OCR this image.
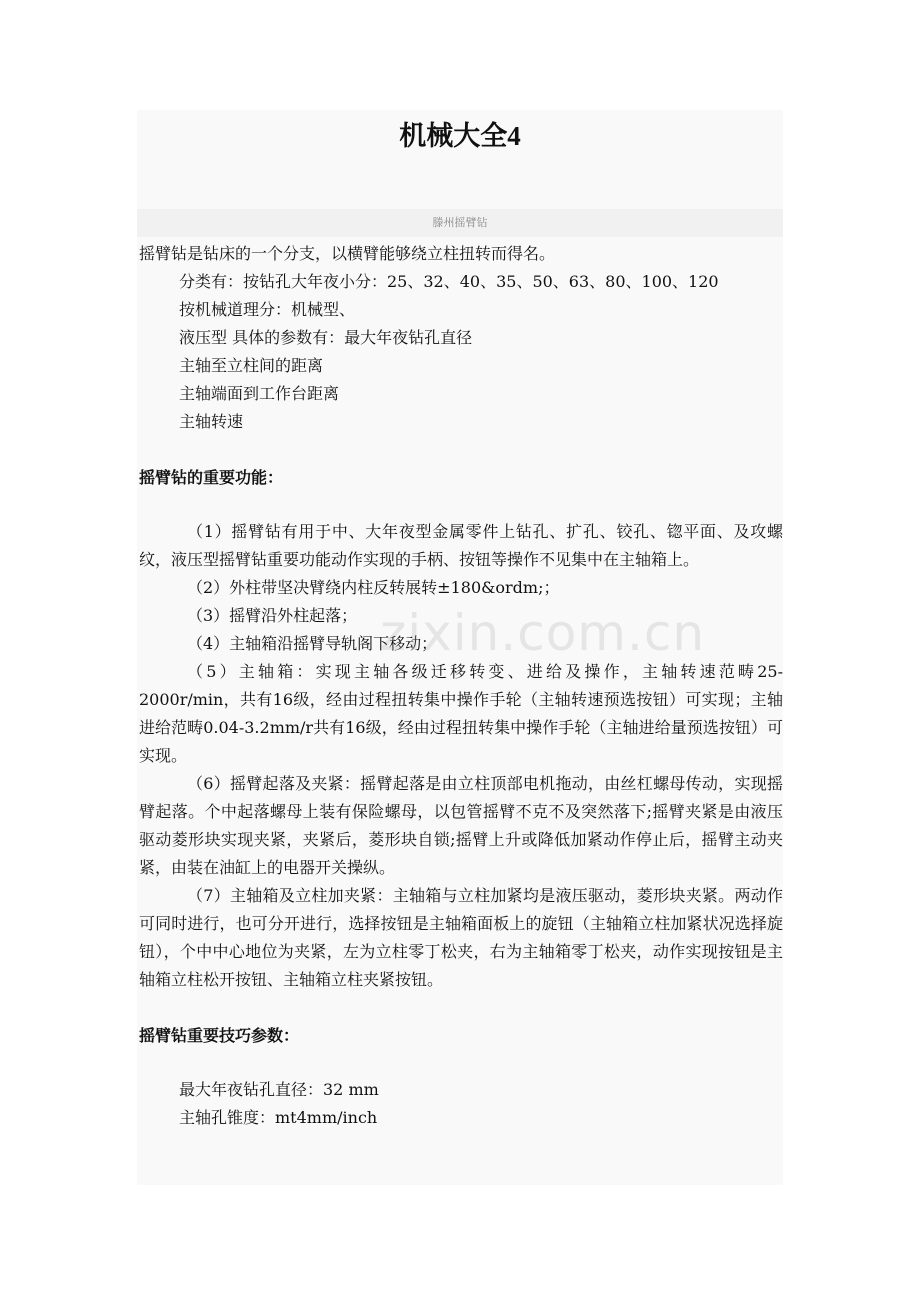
机械大全4
滕州摇臂钻

摇臂钻是钻床的一个分支，以横臂能够绕立柱扭转而得名。

分类有：按钻孔大年夜小分：25、32、40、35、50、63、80、100、120

按机械道理分：机械型、

液压型 具体的参数有：最大年夜钻孔直径

主轴至立柱间的距离

主轴端面到工作台距离

主轴转速

摇臂钻的重要功能：

（1）摇臂钻有用于中、大年夜型金属零件上钻孔、扩孔、铰孔、锪平面、及攻螺纹，液压型摇臂钻重要功能动作实现的手柄、按钮等操作不见集中在主轴箱上。

（2）外柱带坚决臂绕内柱反转展转±180&ordm;；

（3）摇臂沿外柱起落；

（4）主轴箱沿摇臂导轨阁下移动；

（5）主轴箱：实现主轴各级迁移转变、进给及操作，主轴转速范畴25-2000r/min，共有16级，经由过程扭转集中操作手轮（主轴转速预选按钮）可实现；主轴进给范畴0.04-3.2mm/r共有16级，经由过程扭转集中操作手轮（主轴进给量预选按钮）可实现。

（6）摇臂起落及夹紧：摇臂起落是由立柱顶部电机拖动，由丝杠螺母传动，实现摇臂起落。个中起落螺母上装有保险螺母，以包管摇臂不克不及突然落下;摇臂夹紧是由液压驱动菱形块实现夹紧，夹紧后，菱形块自锁;摇臂上升或降低加紧动作停止后，摇臂主动夹紧，由装在油缸上的电器开关操纵。

（7）主轴箱及立柱加夹紧：主轴箱与立柱加紧均是液压驱动，菱形块夹紧。两动作可同时进行，也可分开进行，选择按钮是主轴箱面板上的旋钮（主轴箱立柱加紧状况选择旋钮），个中中心地位为夹紧，左为立柱零丁松夹，右为主轴箱零丁松夹，动作实现按钮是主轴箱立柱松开按钮、主轴箱立柱夹紧按钮。

摇臂钻重要技巧参数：

最大年夜钻孔直径：32 mm

主轴孔锥度：mt4mm/inch

zixin.com.cn
